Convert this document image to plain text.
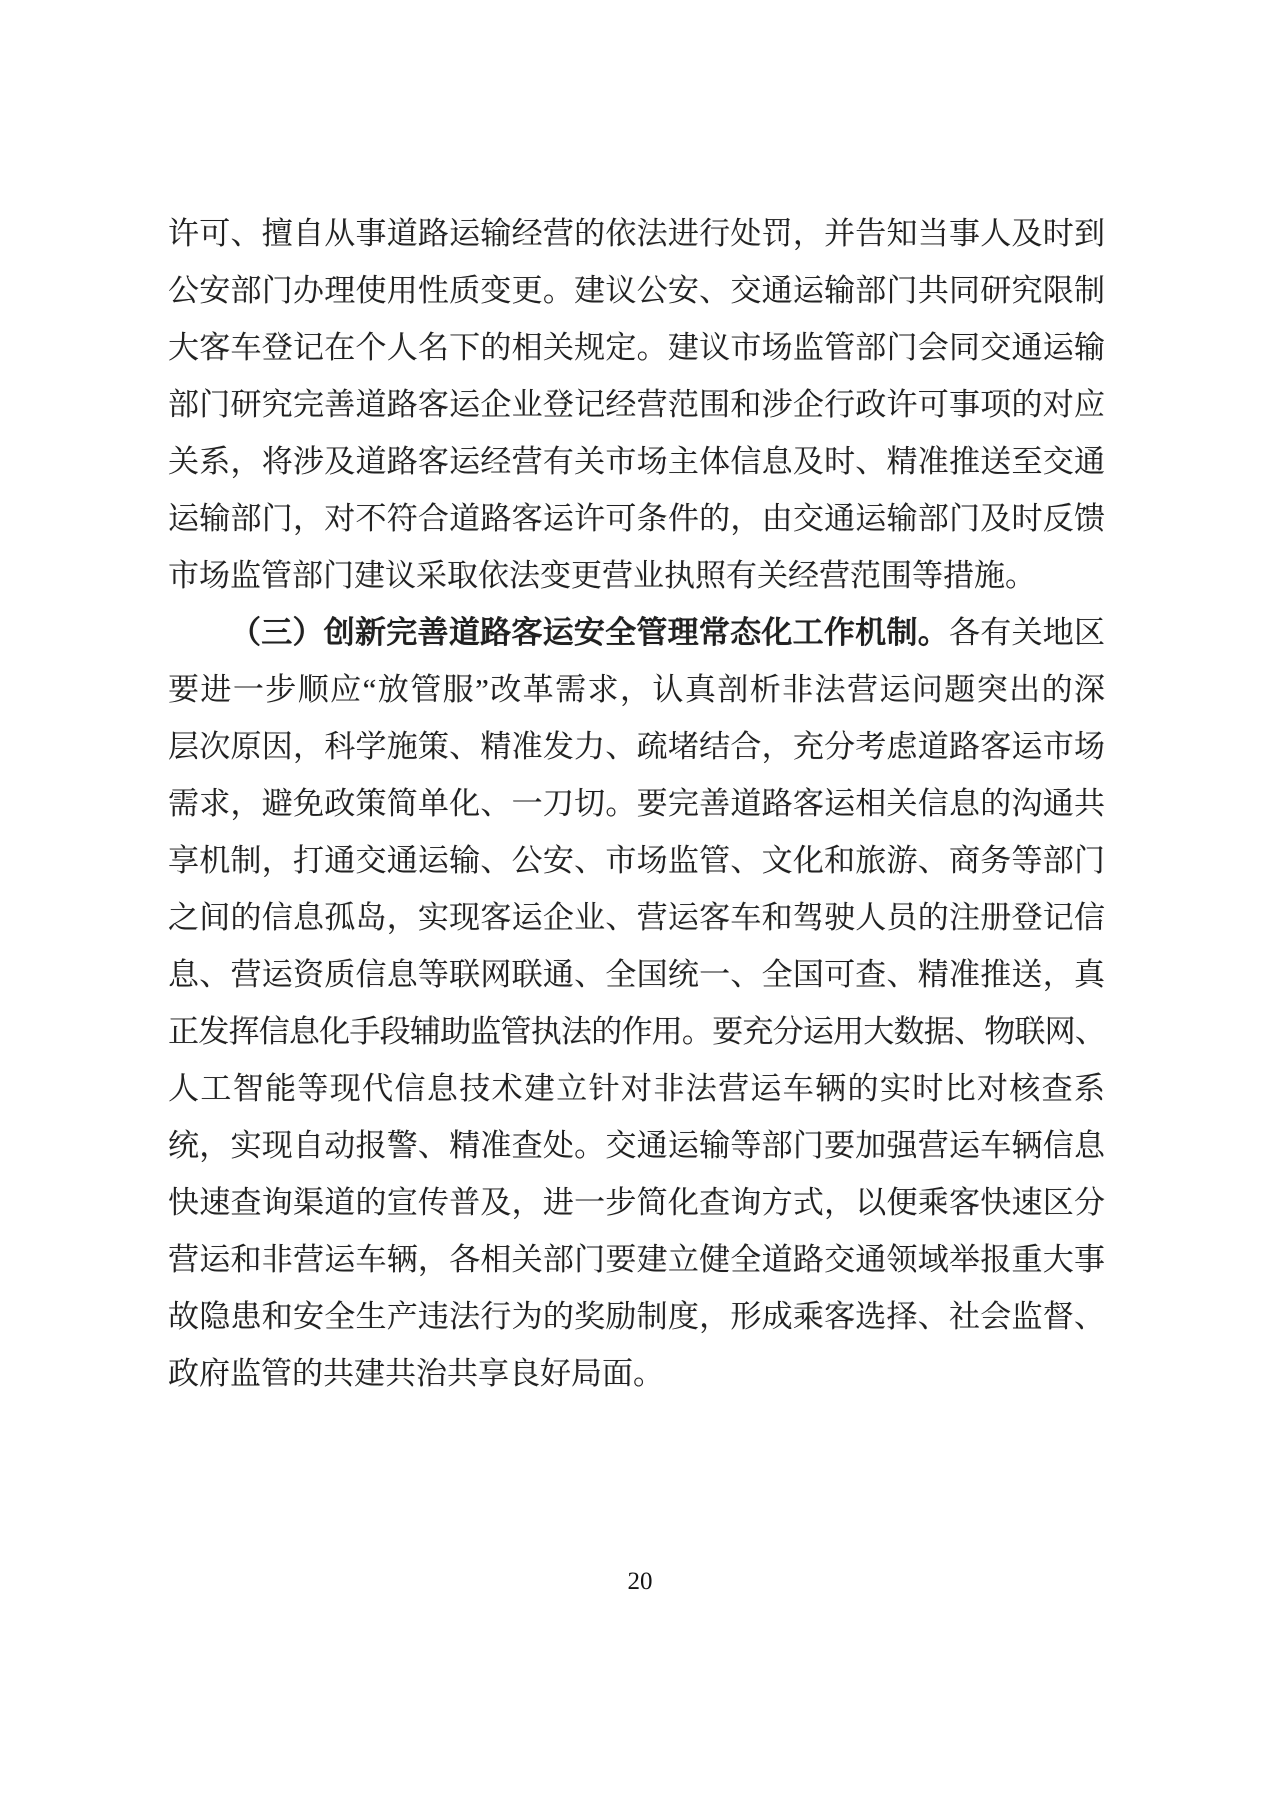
许可、擅自从事道路运输经营的依法进行处罚，并告知当事人及时到
公安部门办理使用性质变更。建议公安、交通运输部门共同研究限制
大客车登记在个人名下的相关规定。建议市场监管部门会同交通运输
部门研究完善道路客运企业登记经营范围和涉企行政许可事项的对应
关系，将涉及道路客运经营有关市场主体信息及时、精准推送至交通
运输部门，对不符合道路客运许可条件的，由交通运输部门及时反馈
市场监管部门建议采取依法变更营业执照有关经营范围等措施。
（三）创新完善道路客运安全管理常态化工作机制。各有关地区
要进一步顺应“放管服”改革需求，认真剖析非法营运问题突出的深
层次原因，科学施策、精准发力、疏堵结合，充分考虑道路客运市场
需求，避免政策简单化、一刀切。要完善道路客运相关信息的沟通共
享机制，打通交通运输、公安、市场监管、文化和旅游、商务等部门
之间的信息孤岛，实现客运企业、营运客车和驾驶人员的注册登记信
息、营运资质信息等联网联通、全国统一、全国可查、精准推送，真
正发挥信息化手段辅助监管执法的作用。要充分运用大数据、物联网、
人工智能等现代信息技术建立针对非法营运车辆的实时比对核查系
统，实现自动报警、精准查处。交通运输等部门要加强营运车辆信息
快速查询渠道的宣传普及，进一步简化查询方式，以便乘客快速区分
营运和非营运车辆，各相关部门要建立健全道路交通领域举报重大事
故隐患和安全生产违法行为的奖励制度，形成乘客选择、社会监督、
政府监管的共建共治共享良好局面。
20
